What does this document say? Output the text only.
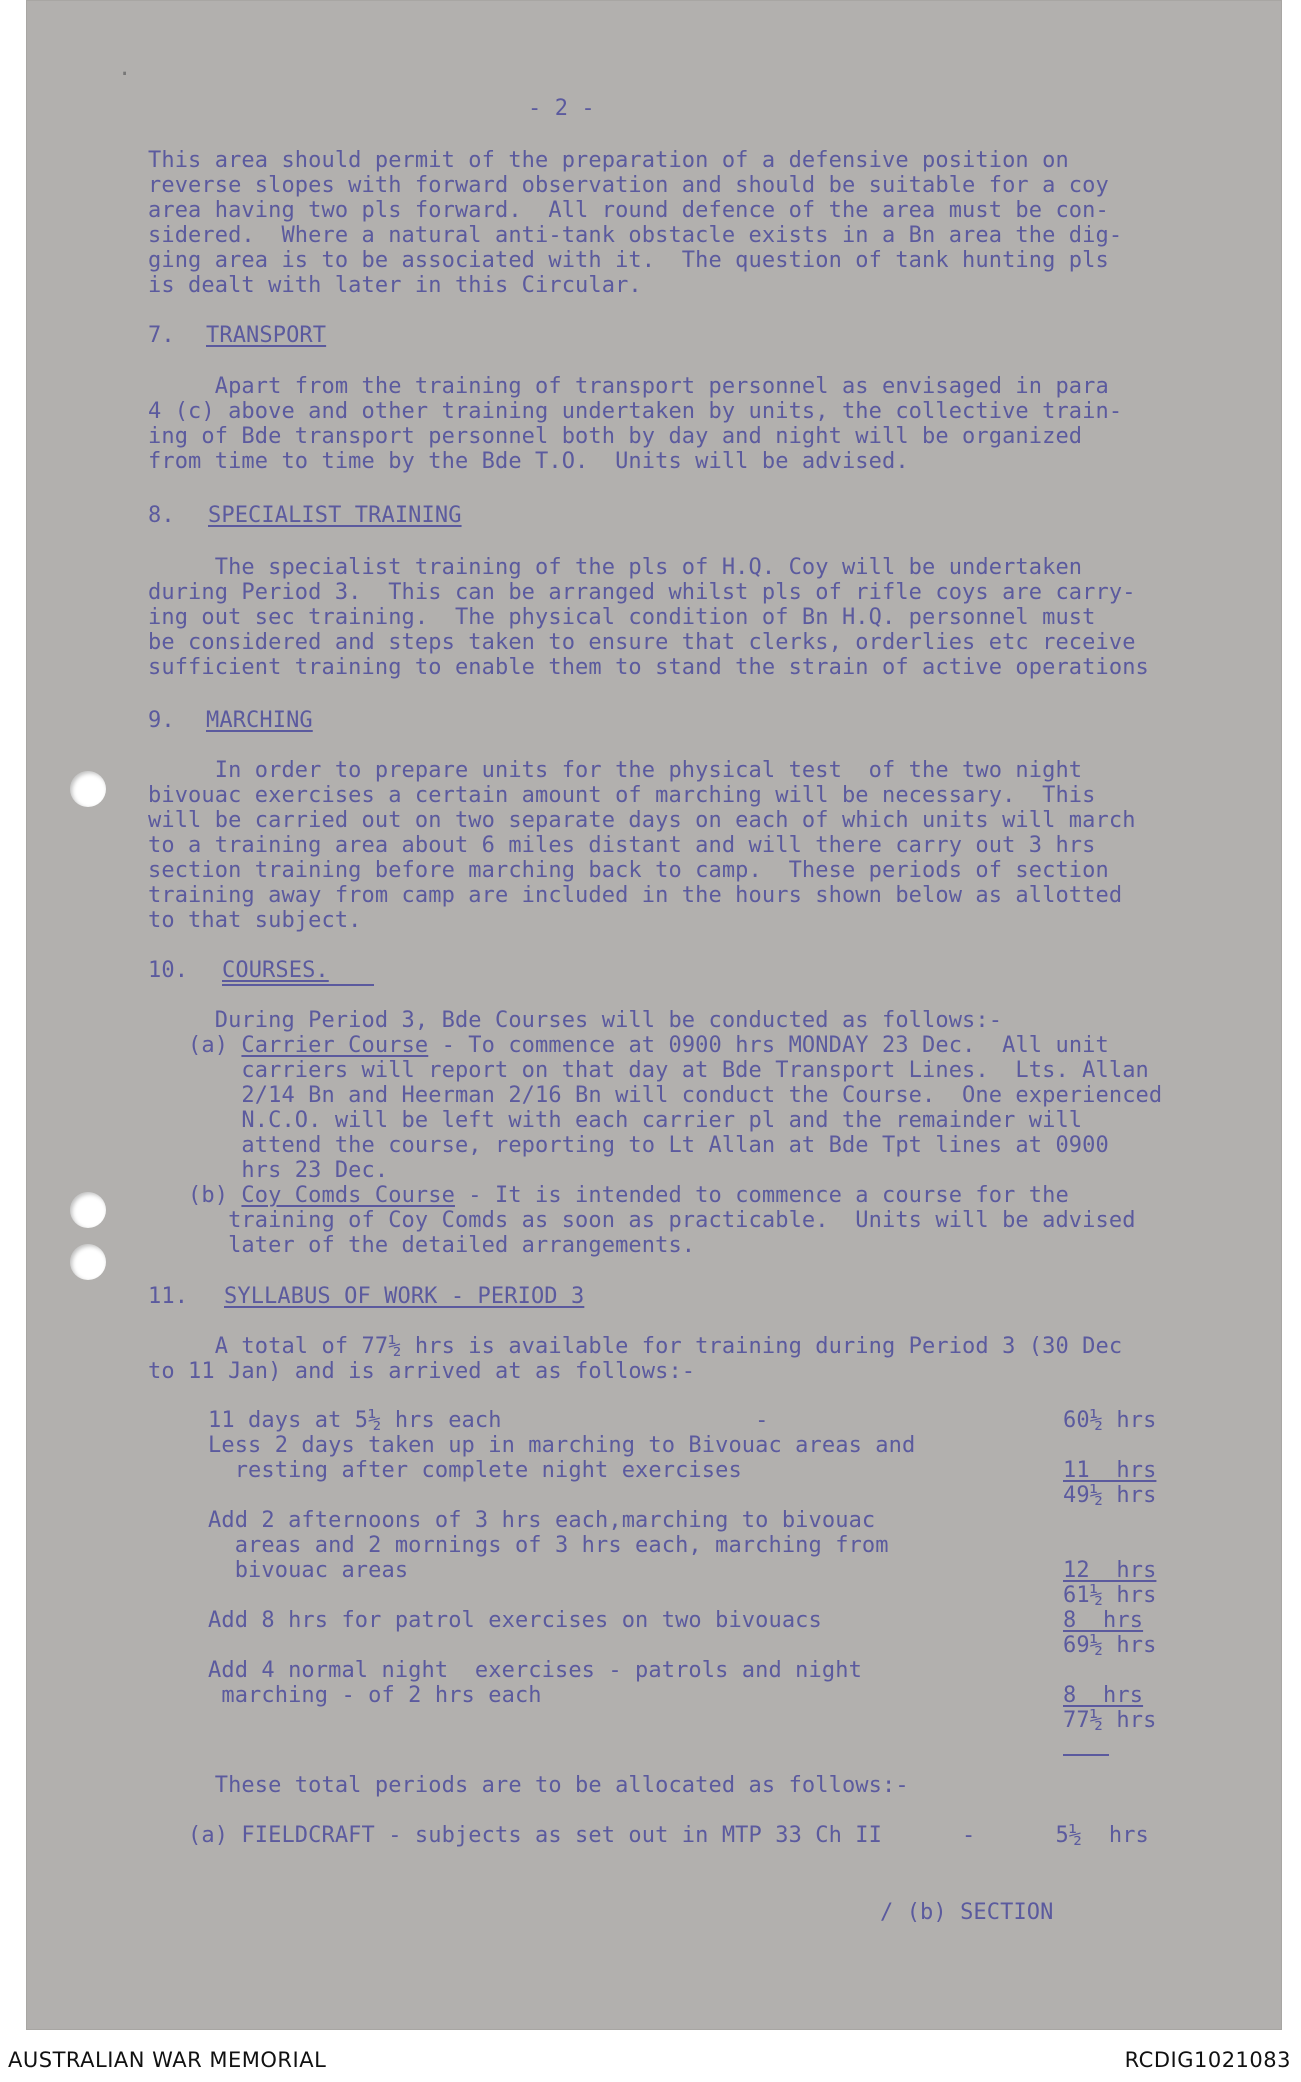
·
- 2 -
This area should permit of the preparation of a defensive position on
reverse slopes with forward observation and should be suitable for a coy
area having two pls forward.  All round defence of the area must be con-
sidered.  Where a natural anti-tank obstacle exists in a Bn area the dig-
ging area is to be associated with it.  The question of tank hunting pls
is dealt with later in this Circular.
7. TRANSPORT
Apart from the training of transport personnel as envisaged in para
4 (c) above and other training undertaken by units, the collective train-
ing of Bde transport personnel both by day and night will be organized
from time to time by the Bde T.O.  Units will be advised.
8. SPECIALIST TRAINING
The specialist training of the pls of H.Q. Coy will be undertaken
during Period 3.  This can be arranged whilst pls of rifle coys are carry-
ing out sec training.  The physical condition of Bn H.Q. personnel must
be considered and steps taken to ensure that clerks, orderlies etc receive
sufficient training to enable them to stand the strain of active operations
9. MARCHING
In order to prepare units for the physical test  of the two night
bivouac exercises a certain amount of marching will be necessary.  This
will be carried out on two separate days on each of which units will march
to a training area about 6 miles distant and will there carry out 3 hrs
section training before marching back to camp.  These periods of section
training away from camp are included in the hours shown below as allotted
to that subject.
10. COURSES.
During Period 3, Bde Courses will be conducted as follows:-
(a) Carrier Course - To commence at 0900 hrs MONDAY 23 Dec.  All unit
carriers will report on that day at Bde Transport Lines.  Lts. Allan
2/14 Bn and Heerman 2/16 Bn will conduct the Course.  One experienced
N.C.O. will be left with each carrier pl and the remainder will
attend the course, reporting to Lt Allan at Bde Tpt lines at 0900
hrs 23 Dec.
(b) Coy Comds Course - It is intended to commence a course for the
training of Coy Comds as soon as practicable.  Units will be advised
later of the detailed arrangements.
11. SYLLABUS OF WORK - PERIOD 3
A total of 77½ hrs is available for training during Period 3 (30 Dec
to 11 Jan) and is arrived at as follows:-
11 days at 5½ hrs each                   -	60½ hrs
Less 2 days taken up in marching to Bivouac areas and
resting after complete night exercises	11  hrs
49½ hrs
Add 2 afternoons of 3 hrs each,marching to bivouac
areas and 2 mornings of 3 hrs each, marching from
bivouac areas	12  hrs
61½ hrs
Add 8 hrs for patrol exercises on two bivouacs	8  hrs
69½ hrs
Add 4 normal night  exercises - patrols and night
marching - of 2 hrs each	8  hrs
77½ hrs
These total periods are to be allocated as follows:-
(a) FIELDCRAFT - subjects as set out in MTP 33 Ch II      -      5½  hrs
/ (b) SECTION
AUSTRALIAN WAR MEMORIAL	RCDIG1021083
